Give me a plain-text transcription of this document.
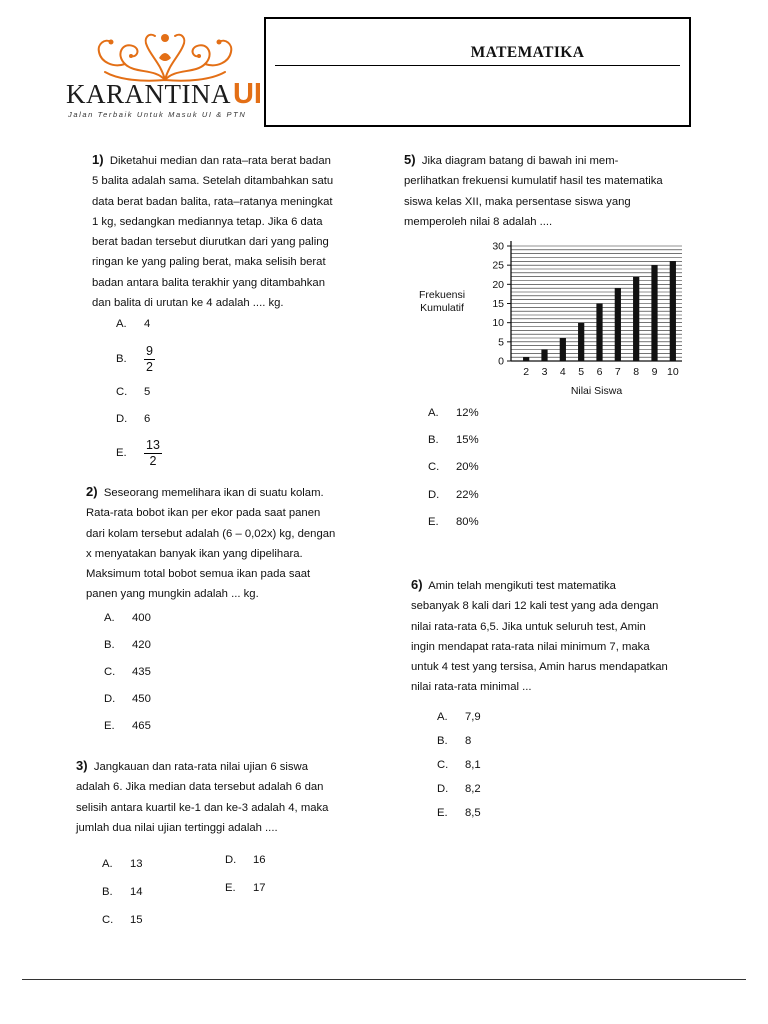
KARANTINAUI
Jalan Terbaik Untuk Masuk UI & PTN
MATEMATIKA

1) Diketahui median dan rata–rata berat badan

5 balita adalah sama. Setelah ditambahkan satu

data berat badan balita, rata–ratanya meningkat

1 kg, sedangkan mediannya tetap. Jika 6 data

berat badan tersebut diurutkan dari yang paling

ringan ke yang paling berat, maka selisih berat

badan antara balita terakhir yang ditambahkan

dan balita di urutan ke 4 adalah .... kg.

A. 4
B. $\frac{9}{2}$
C. 5
D. 6
E. $\frac{13}{2}$

2) Seseorang memelihara ikan di suatu kolam.

Rata-rata bobot ikan per ekor pada saat panen

dari kolam tersebut adalah (6 – 0,02x) kg, dengan

x menyatakan banyak ikan yang dipelihara.

Maksimum total bobot semua ikan pada saat

panen yang mungkin adalah ... kg.

A. 400
B. 420
C. 435
D. 450
E. 465

3) Jangkauan dan rata-rata nilai ujian 6 siswa

adalah 6. Jika median data tersebut adalah 6 dan

selisih antara kuartil ke-1 dan ke-3 adalah 4, maka

jumlah dua nilai ujian tertinggi adalah ....

A. 13
B. 14
C. 15
D. 16
E. 17

5) Jika diagram batang di bawah ini mem-

perlihatkan frekuensi kumulatif hasil tes matematika

siswa kelas XII, maka persentase siswa yang

memperoleh nilai 8 adalah ....

Frekuensi
Kumulatif
0
5
10
15
20
25
30
2 3 4 5 6 7 8 9 10
Nilai Siswa
A. 12%
B. 15%
C. 20%
D. 22%
E. 80%

6) Amin telah mengikuti test matematika

sebanyak 8 kali dari 12 kali test yang ada dengan

nilai rata-rata 6,5. Jika untuk seluruh test, Amin

ingin mendapat rata-rata nilai minimum 7, maka

untuk 4 test yang tersisa, Amin harus mendapatkan

nilai rata-rata minimal ...

A. 7,9
B. 8
C. 8,1
D. 8,2
E. 8,5
